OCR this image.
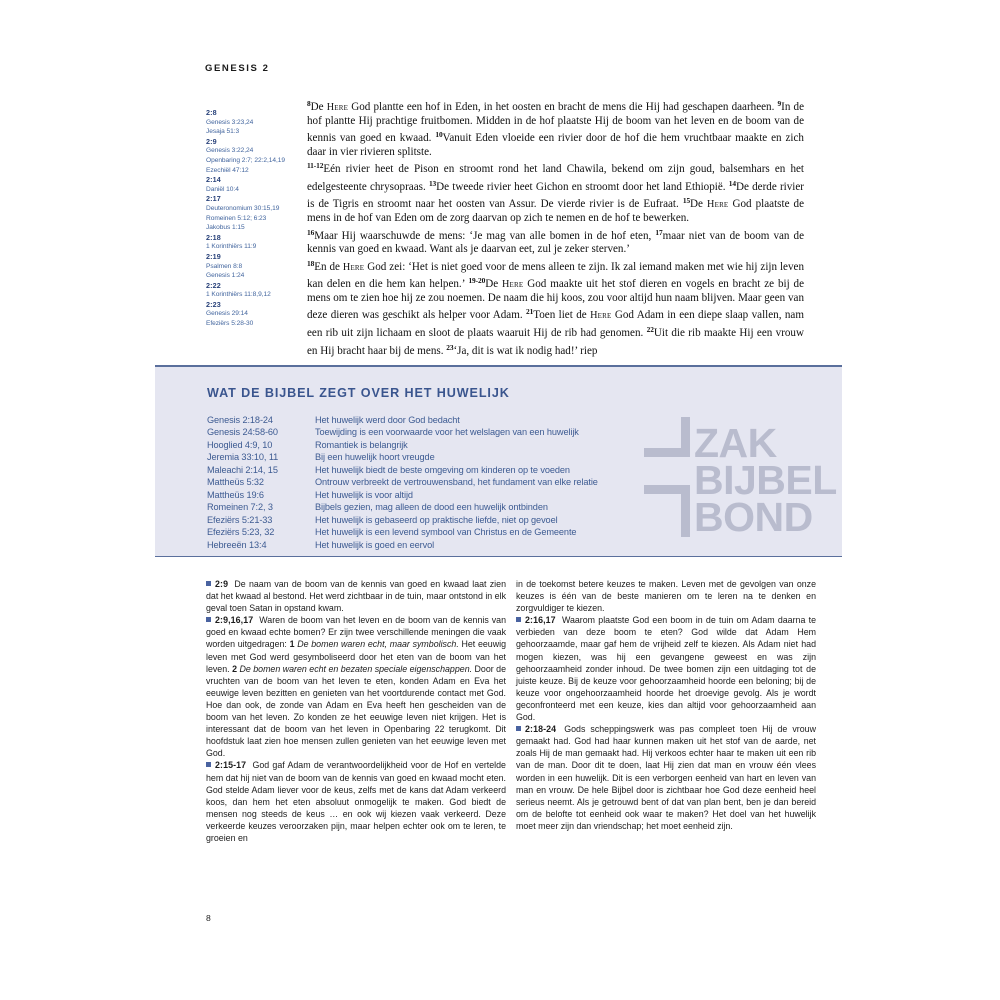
GENESIS 2
2:8
Genesis 3:23,24
Jesaja 51:3
2:9
Genesis 3:22,24
Openbaring 2:7; 22:2,14,19
Ezechiël 47:12
2:14
Daniël 10:4
2:17
Deuteronomium 30:15,19
Romeinen 5:12; 6:23
Jakobus 1:15
2:18
1 Korinthiërs 11:9
2:19
Psalmen 8:8
Genesis 1:24
2:22
1 Korinthiërs 11:8,9,12
2:23
Genesis 29:14
Efeziërs 5:28-30

$^8$De Here God plantte een hof in Eden, in het oosten en bracht de mens die Hij had geschapen daarheen. $^9$In de hof plantte Hij prachtige fruitbomen. Midden in de hof plaatste Hij de boom van het leven en de boom van de kennis van goed en kwaad. $^{10}$Vanuit Eden vloeide een rivier door de hof die hem vruchtbaar maakte en zich daar in vier rivieren splitste.

$^{11-12}$Eén rivier heet de Pison en stroomt rond het land Chawila, bekend om zijn goud, balsemhars en het edelgesteente chrysopraas. $^{13}$De tweede rivier heet Gichon en stroomt door het land Ethiopië. $^{14}$De derde rivier is de Tigris en stroomt naar het oosten van Assur. De vierde rivier is de Eufraat. $^{15}$De Here God plaatste de mens in de hof van Eden om de zorg daarvan op zich te nemen en de hof te bewerken.

$^{16}$Maar Hij waarschuwde de mens: ‘Je mag van alle bomen in de hof eten, $^{17}$maar niet van de boom van de kennis van goed en kwaad. Want als je daarvan eet, zul je zeker sterven.’

$^{18}$En de Here God zei: ‘Het is niet goed voor de mens alleen te zijn. Ik zal iemand maken met wie hij zijn leven kan delen en die hem kan helpen.’ $^{19-20}$De Here God maakte uit het stof dieren en vogels en bracht ze bij de mens om te zien hoe hij ze zou noemen. De naam die hij koos, zou voor altijd hun naam blijven. Maar geen van deze dieren was geschikt als helper voor Adam. $^{21}$Toen liet de Here God Adam in een diepe slaap vallen, nam een rib uit zijn lichaam en sloot de plaats waaruit Hij de rib had genomen. $^{22}$Uit die rib maakte Hij een vrouw en Hij bracht haar bij de mens. $^{23}$‘Ja, dit is wat ik nodig had!’ riep

WAT DE BIJBEL ZEGT OVER HET HUWELIJK
Genesis 2:18-24	Het huwelijk werd door God bedacht
Genesis 24:58-60	Toewijding is een voorwaarde voor het welslagen van een huwelijk
Hooglied 4:9, 10	Romantiek is belangrijk
Jeremia 33:10, 11	Bij een huwelijk hoort vreugde
Maleachi 2:14, 15	Het huwelijk biedt de beste omgeving om kinderen op te voeden
Mattheüs 5:32	Ontrouw verbreekt de vertrouwensband, het fundament van elke relatie
Mattheüs 19:6	Het huwelijk is voor altijd
Romeinen 7:2, 3	Bijbels gezien, mag alleen de dood een huwelijk ontbinden
Efeziërs 5:21-33	Het huwelijk is gebaseerd op praktische liefde, niet op gevoel
Efeziërs 5:23, 32	Het huwelijk is een levend symbool van Christus en de Gemeente
Hebreeën 13:4	Het huwelijk is goed en eervol
ZAK
BIJBEL
BOND

2:9 De naam van de boom van de kennis van goed en kwaad laat zien dat het kwaad al bestond. Het werd zichtbaar in de tuin, maar ontstond in elk geval toen Satan in opstand kwam.

2:9,16,17 Waren de boom van het leven en de boom van de kennis van goed en kwaad echte bomen? Er zijn twee verschillende meningen die vaak worden uitgedragen: 1 De bomen waren echt, maar symbolisch. Het eeuwig leven met God werd gesymboliseerd door het eten van de boom van het leven. 2 De bomen waren echt en bezaten speciale eigenschappen. Door de vruchten van de boom van het leven te eten, konden Adam en Eva het eeuwige leven bezitten en genieten van het voortdurende contact met God. Hoe dan ook, de zonde van Adam en Eva heeft hen gescheiden van de boom van het leven. Zo konden ze het eeuwige leven niet krijgen. Het is interessant dat de boom van het leven in Openbaring 22 terugkomt. Dit hoofdstuk laat zien hoe mensen zullen genieten van het eeuwige leven met God.

2:15-17 God gaf Adam de verantwoordelijkheid voor de Hof en vertelde hem dat hij niet van de boom van de kennis van goed en kwaad mocht eten. God stelde Adam liever voor de keus, zelfs met de kans dat Adam verkeerd koos, dan hem het eten absoluut onmogelijk te maken. God biedt de mensen nog steeds de keus … en ook wij kiezen vaak verkeerd. Deze verkeerde keuzes veroorzaken pijn, maar helpen echter ook om te leren, te groeien en

in de toekomst betere keuzes te maken. Leven met de gevolgen van onze keuzes is één van de beste manieren om te leren na te denken en zorgvuldiger te kiezen.

2:16,17 Waarom plaatste God een boom in de tuin om Adam daarna te verbieden van deze boom te eten? God wilde dat Adam Hem gehoorzaamde, maar gaf hem de vrijheid zelf te kiezen. Als Adam niet had mogen kiezen, was hij een gevangene geweest en was zijn gehoorzaamheid zonder inhoud. De twee bomen zijn een uitdaging tot de juiste keuze. Bij de keuze voor gehoorzaamheid hoorde een beloning; bij de keuze voor ongehoorzaamheid hoorde het droevige gevolg. Als je wordt geconfronteerd met een keuze, kies dan altijd voor gehoorzaamheid aan God.

2:18-24 Gods scheppingswerk was pas compleet toen Hij de vrouw gemaakt had. God had haar kunnen maken uit het stof van de aarde, net zoals Hij de man gemaakt had. Hij verkoos echter haar te maken uit een rib van de man. Door dit te doen, laat Hij zien dat man en vrouw één vlees worden in een huwelijk. Dit is een verborgen eenheid van hart en leven van man en vrouw. De hele Bijbel door is zichtbaar hoe God deze eenheid heel serieus neemt. Als je getrouwd bent of dat van plan bent, ben je dan bereid om de belofte tot eenheid ook waar te maken? Het doel van het huwelijk moet meer zijn dan vriendschap; het moet eenheid zijn.

8
